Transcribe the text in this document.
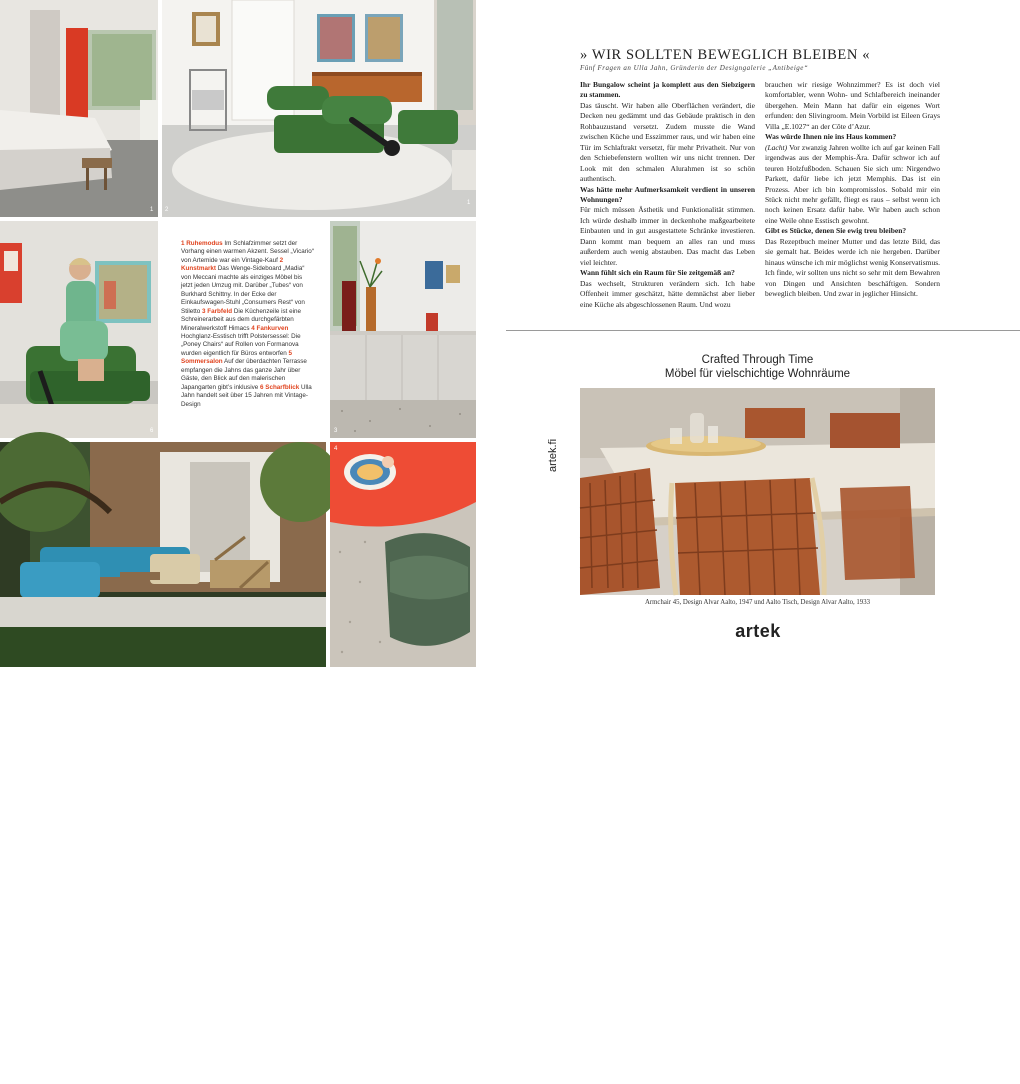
1 2
1
6
1 Ruhemodus Im Schlafzimmer setzt der Vorhang einen warmen Akzent. Sessel „Vicario“ von Artemide war ein Vintage-Kauf 2 Kunstmarkt Das Wenge-Sideboard „Madia“ von Meccani machte als einziges Möbel bis jetzt jeden Umzug mit. Darüber „Tubes“ von Burkhard Schittny. In der Ecke der Einkaufswagen-Stuhl „Consumers Rest“ von Stiletto 3 Farbfeld Die Küchenzeile ist eine Schreinerarbeit aus dem durchgefärbten Mineralwerkstoff Himacs 4 Fankurven Hochglanz-Esstisch trifft Polstersessel: Die „Poney Chairs“ auf Rollen von Formanova wurden eigentlich für Büros entworfen 5 Sommersalon Auf der überdachten Terrasse empfangen die Jahns das ganze Jahr über Gäste, den Blick auf den malerischen Japangarten gibt’s inklusive 6 Scharfblick Ulla Jahn handelt seit über 15 Jahren mit Vintage-Design
3
84 • SCHÖNER WOHNEN SPEZIAL
4
» WIR SOLLTEN BEWEGLICH BLEIBEN «
Fünf Fragen an Ulla Jahn, Gründerin der Designgalerie „Antibeige“

Ihr Bungalow scheint ja komplett aus den Siebzigern zu stammen.

Das täuscht. Wir haben alle Oberflächen verändert, die Decken neu gedämmt und das Gebäude praktisch in den Rohbauzustand versetzt. Zudem musste die Wand zwischen Küche und Esszimmer raus, und wir haben eine Tür im Schlaftrakt versetzt, für mehr Privatheit. Nur von den Schiebefenstern wollten wir uns nicht trennen. Der Look mit den schmalen Alurahmen ist so schön authentisch.

Was hätte mehr Aufmerksamkeit verdient in unseren Wohnungen?

Für mich müssen Ästhetik und Funktionalität stimmen. Ich würde deshalb immer in deckenhohe maßgearbeitete Einbauten und in gut ausgestattete Schränke investieren. Dann kommt man bequem an alles ran und muss außerdem auch wenig abstauben. Das macht das Leben viel leichter.

Wann fühlt sich ein Raum für Sie zeitgemäß an?

Das wechselt, Strukturen verändern sich. Ich habe Offenheit immer geschätzt, hätte demnächst aber lieber eine Küche als abgeschlossenen Raum. Und wozu

brauchen wir riesige Wohnzimmer? Es ist doch viel komfortabler, wenn Wohn- und Schlafbereich ineinander übergehen. Mein Mann hat dafür ein eigenes Wort erfunden: den Slivingroom. Mein Vorbild ist Eileen Grays Villa „E.1027“ an der Côte d’Azur.

Was würde Ihnen nie ins Haus kommen?

(Lacht) Vor zwanzig Jahren wollte ich auf gar keinen Fall irgendwas aus der Memphis-Ära. Dafür schwor ich auf teuren Holzfußboden. Schauen Sie sich um: Nirgendwo Parkett, dafür liebe ich jetzt Memphis. Das ist ein Prozess. Aber ich bin kompromisslos. Sobald mir ein Stück nicht mehr gefällt, fliegt es raus – selbst wenn ich noch keinen Ersatz dafür habe. Wir haben auch schon eine Weile ohne Esstisch gewohnt.

Gibt es Stücke, denen Sie ewig treu bleiben?

Das Rezeptbuch meiner Mutter und das letzte Bild, das sie gemalt hat. Beides werde ich nie hergeben. Darüber hinaus wünsche ich mir möglichst wenig Konservatismus. Ich finde, wir sollten uns nicht so sehr mit dem Bewahren von Dingen und Ansichten beschäftigen. Sondern beweglich bleiben. Und zwar in jeglicher Hinsicht.

artek.fi
Crafted Through Time
Möbel für vielschichtige Wohnräume
Armchair 45, Design Alvar Aalto, 1947 und Aalto Tisch, Design Alvar Aalto, 1933
artek
